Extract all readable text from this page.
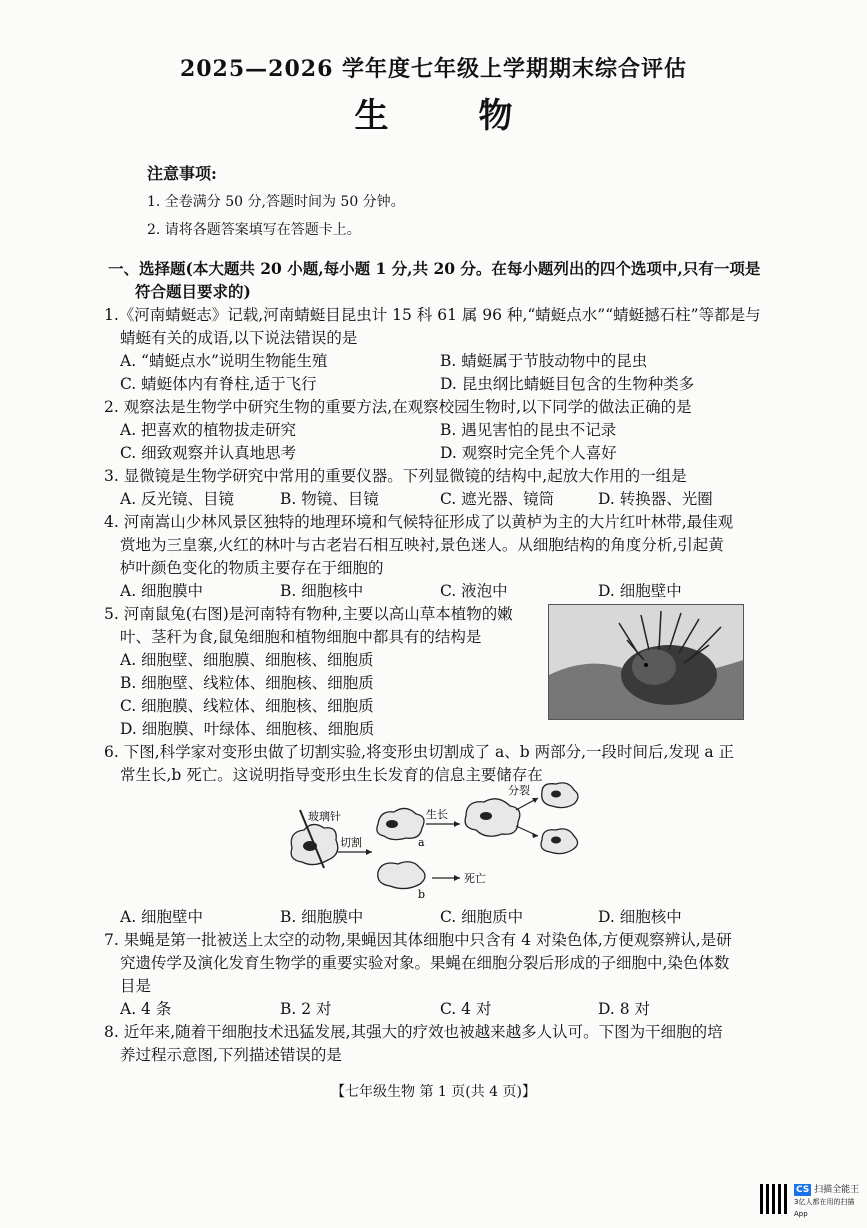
2025—2026 学年度七年级上学期期末综合评估
生物
注意事项:
1. 全卷满分 50 分,答题时间为 50 分钟。
2. 请将各题答案填写在答题卡上。
一、选择题(本大题共 20 小题,每小题 1 分,共 20 分。在每小题列出的四个选项中,只有一项是
符合题目要求的)
1.《河南蜻蜓志》记载,河南蜻蜓目昆虫计 15 科 61 属 96 种,“蜻蜓点水”“蜻蜓撼石柱”等都是与
蜻蜓有关的成语,以下说法错误的是
A. “蜻蜓点水”说明生物能生殖	B. 蜻蜓属于节肢动物中的昆虫
C. 蜻蜓体内有脊柱,适于飞行	D. 昆虫纲比蜻蜓目包含的生物种类多
2. 观察法是生物学中研究生物的重要方法,在观察校园生物时,以下同学的做法正确的是
A. 把喜欢的植物拔走研究	B. 遇见害怕的昆虫不记录
C. 细致观察并认真地思考	D. 观察时完全凭个人喜好
3. 显微镜是生物学研究中常用的重要仪器。下列显微镜的结构中,起放大作用的一组是
A. 反光镜、目镜	B. 物镜、目镜	C. 遮光器、镜筒	D. 转换器、光圈
4. 河南嵩山少林风景区独特的地理环境和气候特征形成了以黄栌为主的大片红叶林带,最佳观
赏地为三皇寨,火红的林叶与古老岩石相互映衬,景色迷人。从细胞结构的角度分析,引起黄
栌叶颜色变化的物质主要存在于细胞的
A. 细胞膜中	B. 细胞核中	C. 液泡中	D. 细胞壁中
5. 河南鼠兔(右图)是河南特有物种,主要以高山草本植物的嫩
叶、茎秆为食,鼠兔细胞和植物细胞中都具有的结构是
A. 细胞壁、细胞膜、细胞核、细胞质
B. 细胞壁、线粒体、细胞核、细胞质
C. 细胞膜、线粒体、细胞核、细胞质
D. 细胞膜、叶绿体、细胞核、细胞质
6. 下图,科学家对变形虫做了切割实验,将变形虫切割成了 a、b 两部分,一段时间后,发现 a 正
常生长,b 死亡。这说明指导变形虫生长发育的信息主要储存在
玻璃针
切割	a
b
死亡
生长
分裂
A. 细胞壁中	B. 细胞膜中	C. 细胞质中	D. 细胞核中
7. 果蝇是第一批被送上太空的动物,果蝇因其体细胞中只含有 4 对染色体,方便观察辨认,是研
究遗传学及演化发育生物学的重要实验对象。果蝇在细胞分裂后形成的子细胞中,染色体数
目是
A. 4 条	B. 2 对	C. 4 对	D. 8 对
8. 近年来,随着干细胞技术迅猛发展,其强大的疗效也被越来越多人认可。下图为干细胞的培
养过程示意图,下列描述错误的是
【七年级生物 第 1 页(共 4 页)】
CS 扫描全能王
3亿人都在用的扫描App
